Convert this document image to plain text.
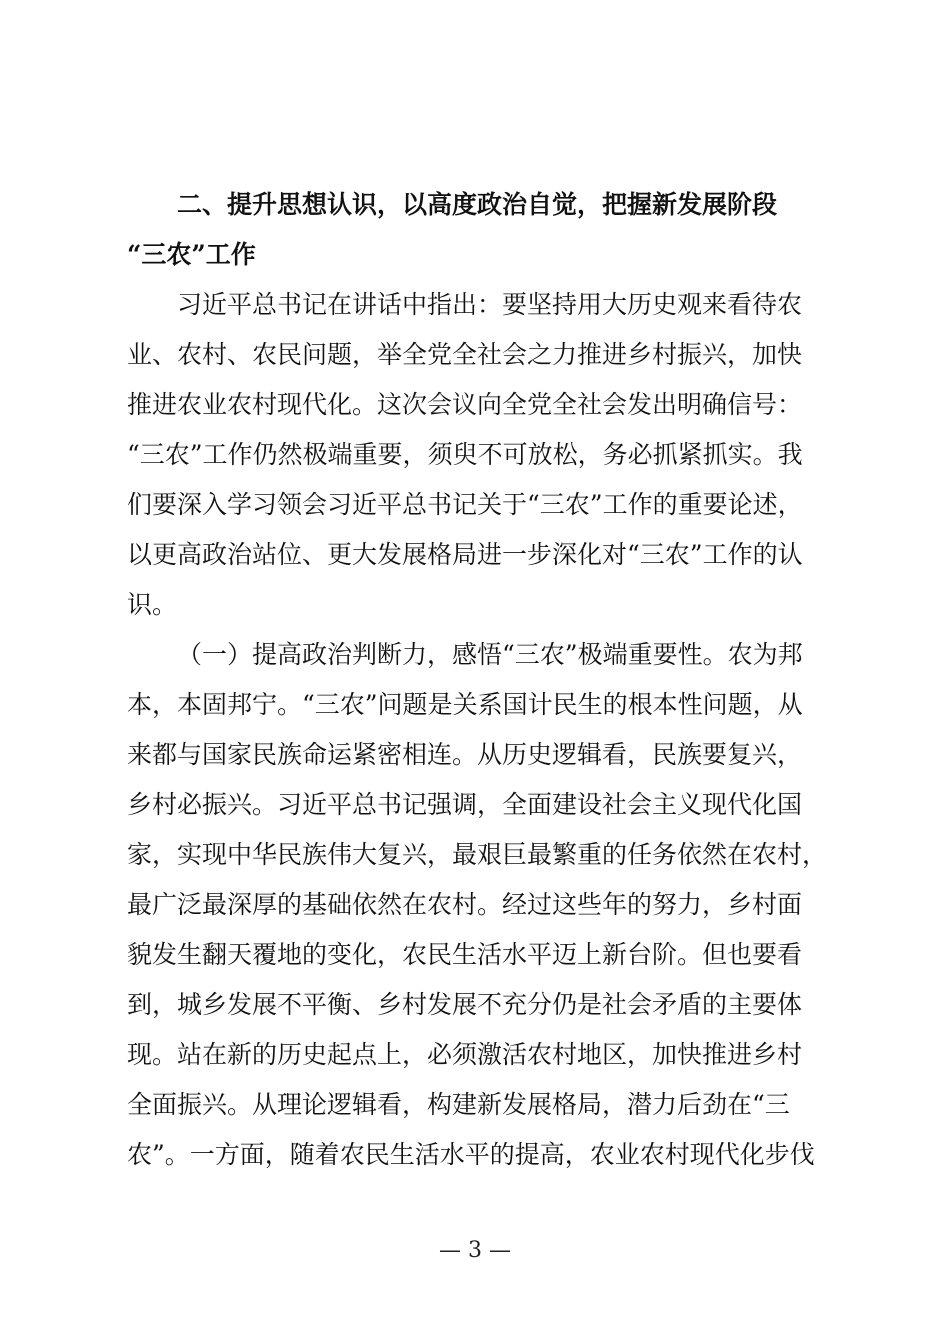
二、提升思想认识，以高度政治自觉，把握新发展阶段
“三农”工作
习近平总书记在讲话中指出：要坚持用大历史观来看待农
业、农村、农民问题，举全党全社会之力推进乡村振兴，加快
推进农业农村现代化。这次会议向全党全社会发出明确信号：
“三农”工作仍然极端重要，须臾不可放松，务必抓紧抓实。我
们要深入学习领会习近平总书记关于“三农”工作的重要论述，
以更高政治站位、更大发展格局进一步深化对“三农”工作的认
识。
（一）提高政治判断力，感悟“三农”极端重要性。农为邦
本，本固邦宁。“三农”问题是关系国计民生的根本性问题，从
来都与国家民族命运紧密相连。从历史逻辑看，民族要复兴，
乡村必振兴。习近平总书记强调，全面建设社会主义现代化国
家，实现中华民族伟大复兴，最艰巨最繁重的任务依然在农村，
最广泛最深厚的基础依然在农村。经过这些年的努力，乡村面
貌发生翻天覆地的变化，农民生活水平迈上新台阶。但也要看
到，城乡发展不平衡、乡村发展不充分仍是社会矛盾的主要体
现。站在新的历史起点上，必须激活农村地区，加快推进乡村
全面振兴。从理论逻辑看，构建新发展格局，潜力后劲在“三
农”。一方面，随着农民生活水平的提高，农业农村现代化步伐
— 3 —
